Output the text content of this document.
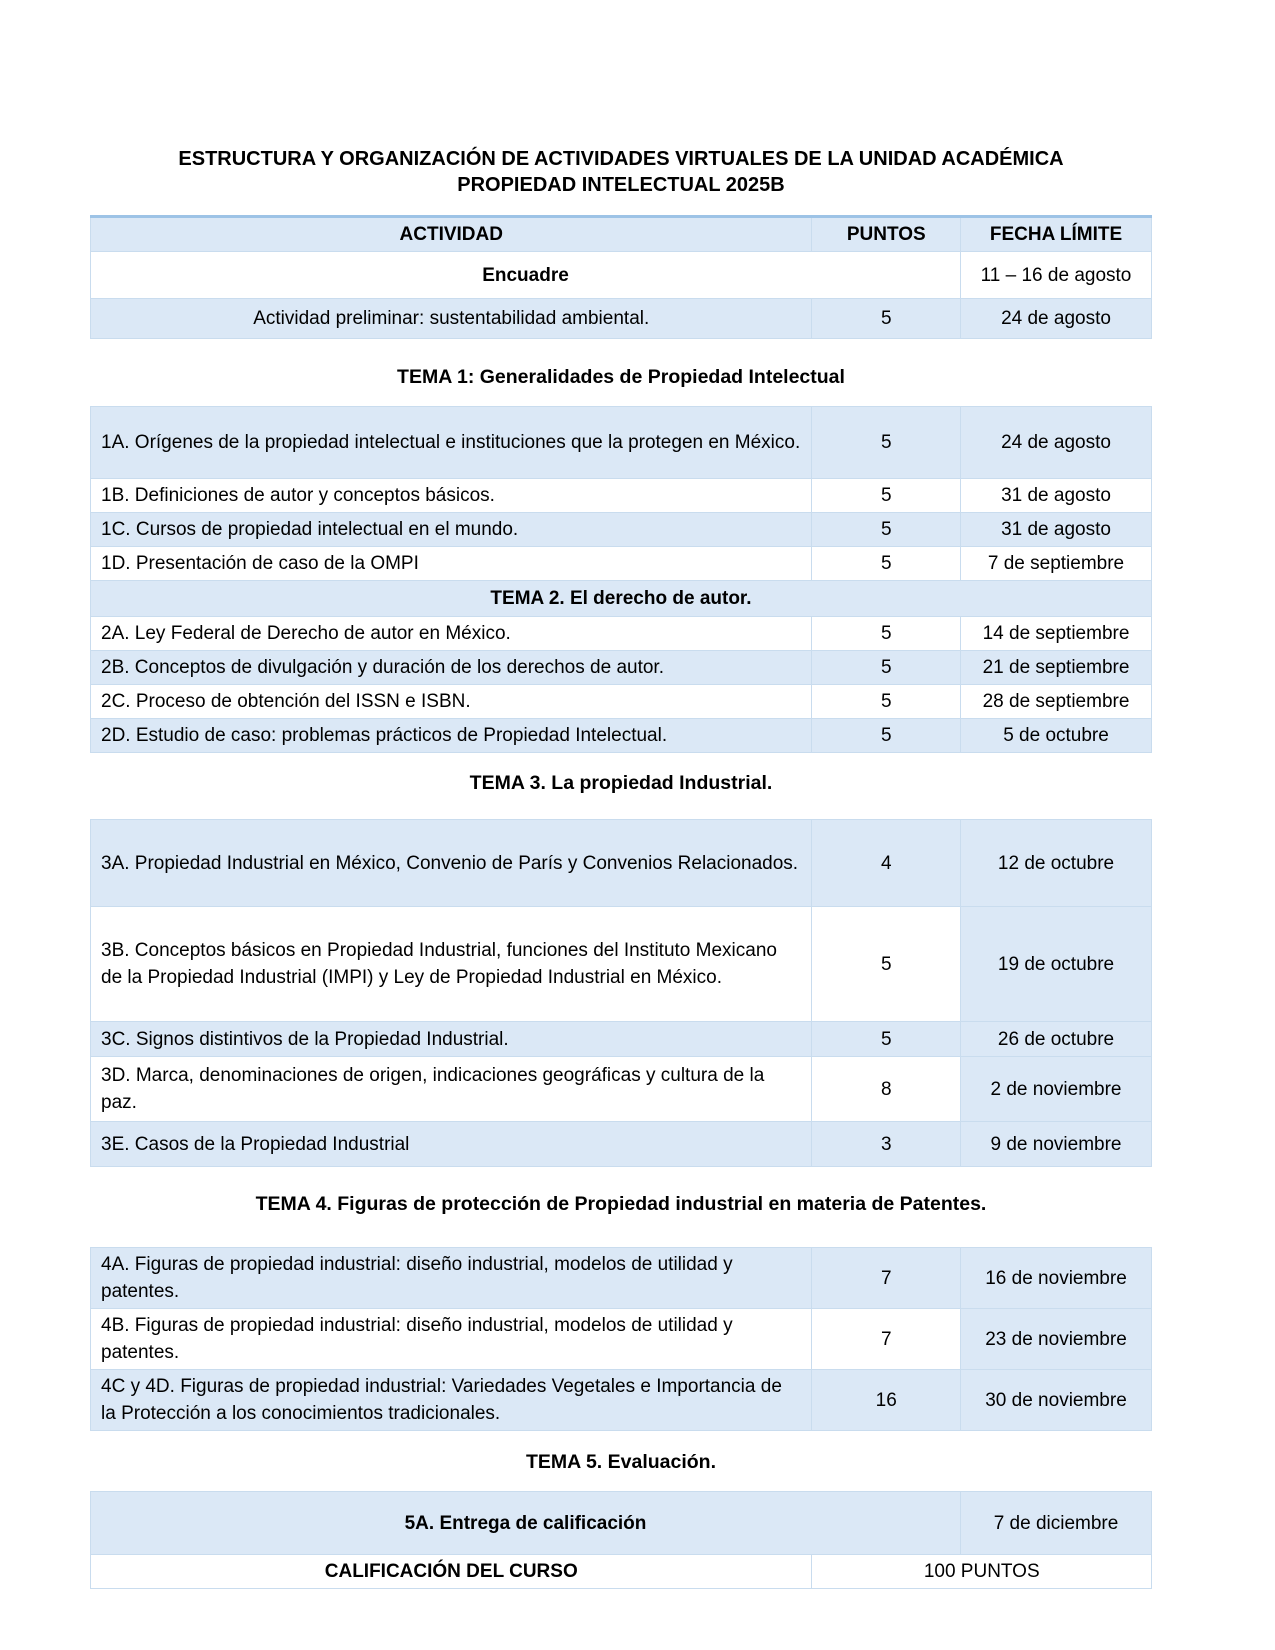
ESTRUCTURA Y ORGANIZACIÓN DE ACTIVIDADES VIRTUALES DE LA UNIDAD ACADÉMICA
PROPIEDAD INTELECTUAL 2025B
ACTIVIDAD	PUNTOS	FECHA LÍMITE
Encuadre		11 – 16 de agosto
Actividad preliminar: sustentabilidad ambiental.	5	24 de agosto
TEMA 1: Generalidades de Propiedad Intelectual
1A. Orígenes de la propiedad intelectual e instituciones que la protegen en México.	5	24 de agosto
1B. Definiciones de autor y conceptos básicos.	5	31 de agosto
1C. Cursos de propiedad intelectual en el mundo.	5	31 de agosto
1D. Presentación de caso de la OMPI	5	7 de septiembre
TEMA 2. El derecho de autor.		
2A. Ley Federal de Derecho de autor en México.	5	14 de septiembre
2B. Conceptos de divulgación y duración de los derechos de autor.	5	21 de septiembre
2C. Proceso de obtención del ISSN e ISBN.	5	28 de septiembre
2D. Estudio de caso: problemas prácticos de Propiedad Intelectual.	5	5 de octubre
TEMA 3. La propiedad Industrial.
3A. Propiedad Industrial en México, Convenio de París y Convenios Relacionados.	4	12 de octubre
3B. Conceptos básicos en Propiedad Industrial, funciones del Instituto Mexicano de la Propiedad Industrial (IMPI) y Ley de Propiedad Industrial en México.	5	19 de octubre
3C. Signos distintivos de la Propiedad Industrial.	5	26 de octubre
3D. Marca, denominaciones de origen, indicaciones geográficas y cultura de la paz.	8	2 de noviembre
3E. Casos de la Propiedad Industrial	3	9 de noviembre
TEMA 4. Figuras de protección de Propiedad industrial en materia de Patentes.
4A. Figuras de propiedad industrial: diseño industrial, modelos de utilidad y patentes.	7	16 de noviembre
4B. Figuras de propiedad industrial: diseño industrial, modelos de utilidad y patentes.	7	23 de noviembre
4C y 4D. Figuras de propiedad industrial: Variedades Vegetales e Importancia de la Protección a los conocimientos tradicionales.	16	30 de noviembre
TEMA 5. Evaluación.
5A. Entrega de calificación		7 de diciembre
CALIFICACIÓN DEL CURSO	100 PUNTOS	
